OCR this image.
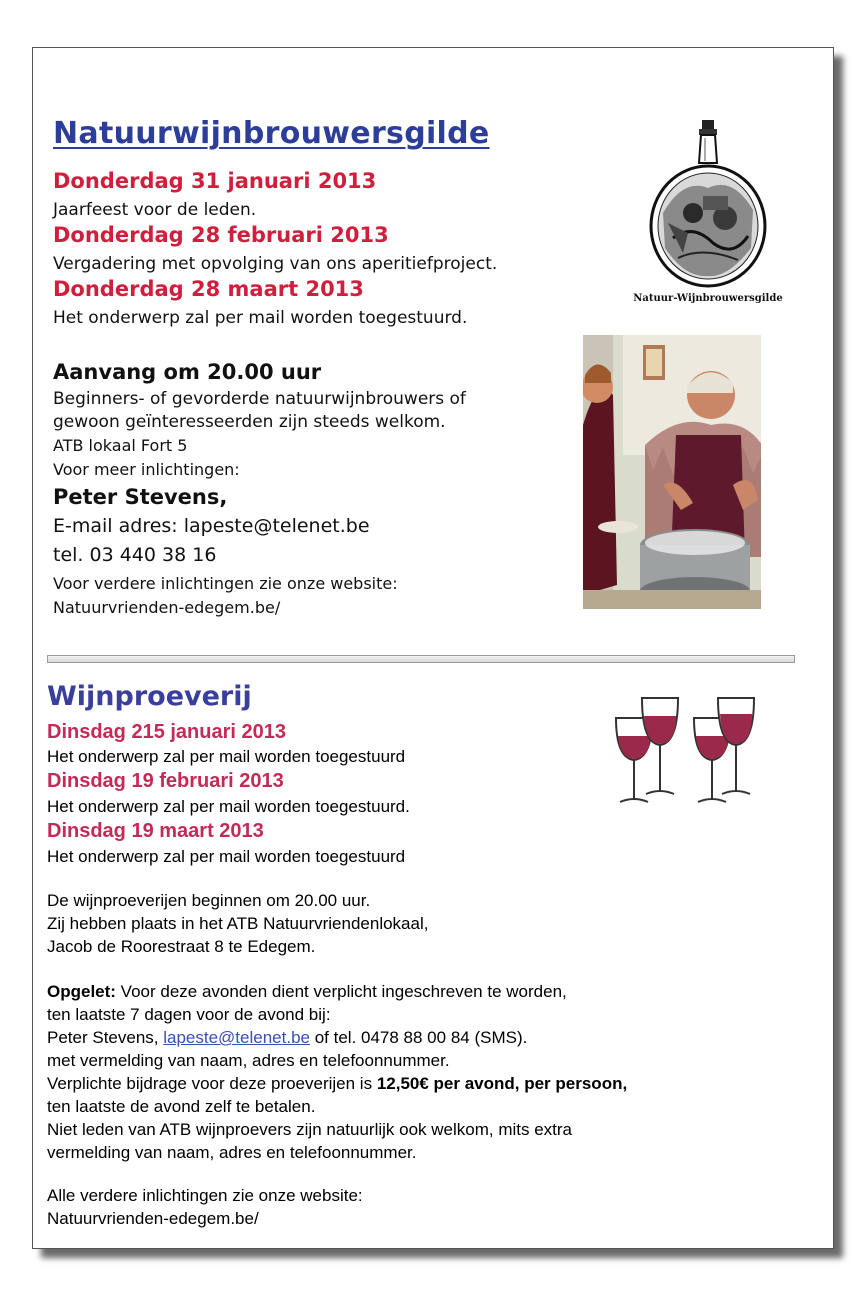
Natuurwijnbrouwersgilde
Donderdag 31 januari 2013
Jaarfeest voor de leden.
Donderdag 28 februari 2013
Vergadering met opvolging van ons aperitiefproject.
Donderdag 28 maart 2013
Het onderwerp zal per mail worden toegestuurd.
Aanvang om 20.00 uur
Beginners- of gevorderde natuurwijnbrouwers of
gewoon geïnteresseerden zijn steeds welkom.
ATB lokaal Fort 5
Voor meer inlichtingen:
Peter Stevens,
E-mail adres: lapeste@telenet.be
tel. 03 440 38 16
Voor verdere inlichtingen zie onze website:
Natuurvrienden-edegem.be/
Natuur-Wijnbrouwersgilde
Wijnproeverij
Dinsdag 215 januari 2013
Het onderwerp zal per mail worden toegestuurd
Dinsdag 19 februari 2013
Het onderwerp zal per mail worden toegestuurd.
Dinsdag 19 maart 2013
Het onderwerp zal per mail worden toegestuurd
De wijnproeverijen beginnen om 20.00 uur.
Zij hebben plaats in het ATB Natuurvriendenlokaal,
Jacob de Roorestraat 8 te Edegem.
Opgelet: Voor deze avonden dient verplicht ingeschreven te worden,
ten laatste 7 dagen voor de avond bij:
Peter Stevens, lapeste@telenet.be of tel. 0478 88 00 84 (SMS).
met vermelding van naam, adres en telefoonnummer.
Verplichte bijdrage voor deze proeverijen is 12,50€ per avond, per persoon,
ten laatste de avond zelf te betalen.
Niet leden van ATB wijnproevers zijn natuurlijk ook welkom, mits extra
vermelding van naam, adres en telefoonnummer.
Alle verdere inlichtingen zie onze website:
Natuurvrienden-edegem.be/
